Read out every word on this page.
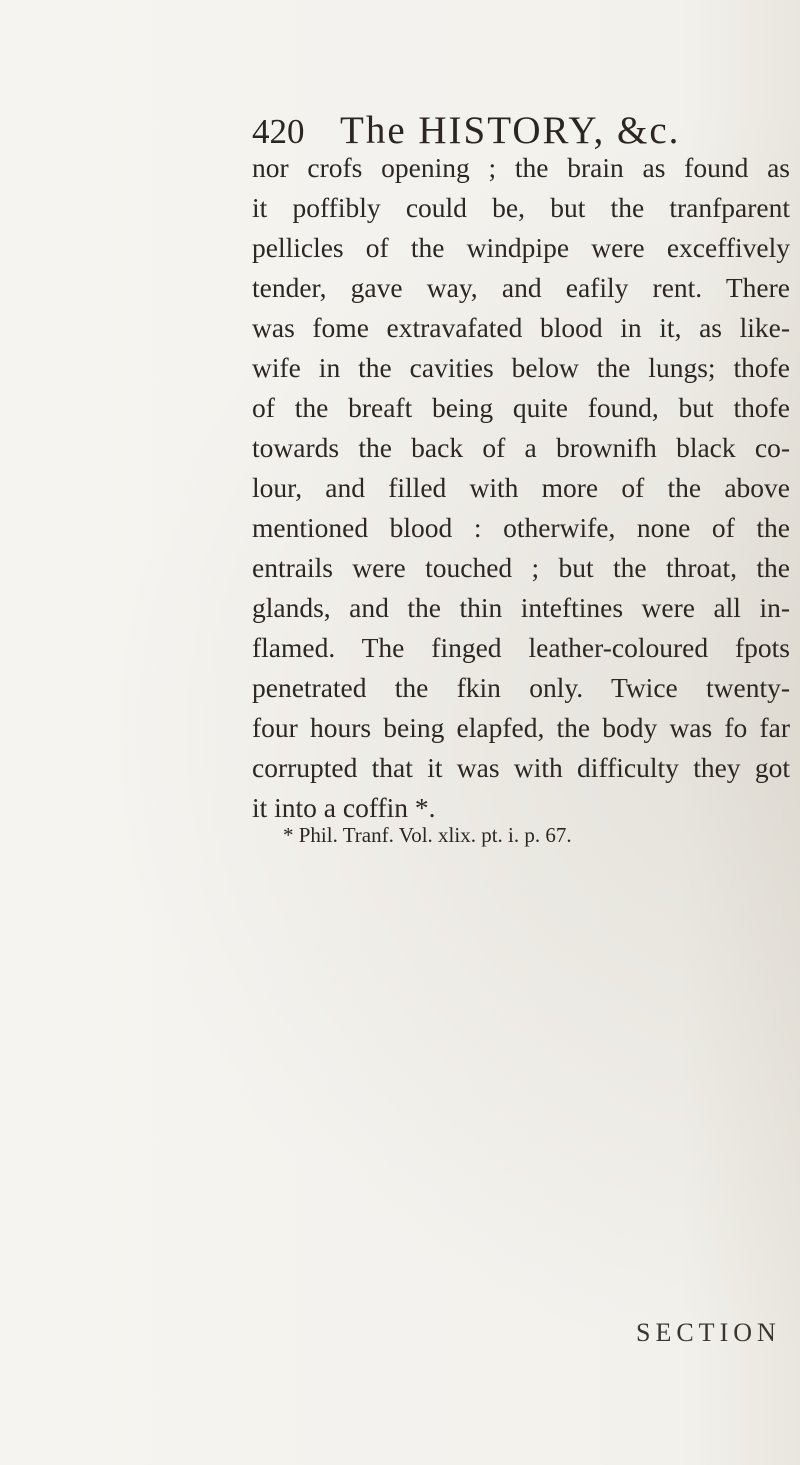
420 The HISTORY, &c.
nor crofs opening ; the brain as found as
it poffibly could be, but the tranfparent
pellicles of the windpipe were exceffively
tender, gave way, and eafily rent. There
was fome extravafated blood in it, as like-
wife in the cavities below the lungs; thofe
of the breaft being quite found, but thofe
towards the back of a brownifh black co-
lour, and filled with more of the above
mentioned blood : otherwife, none of the
entrails were touched ; but the throat, the
glands, and the thin inteftines were all in-
flamed. The finged leather-coloured fpots
penetrated the fkin only. Twice twenty-
four hours being elapfed, the body was fo far
corrupted that it was with difficulty they got
it into a coffin *.
* Phil. Tranf. Vol. xlix. pt. i. p. 67.
SECTION
